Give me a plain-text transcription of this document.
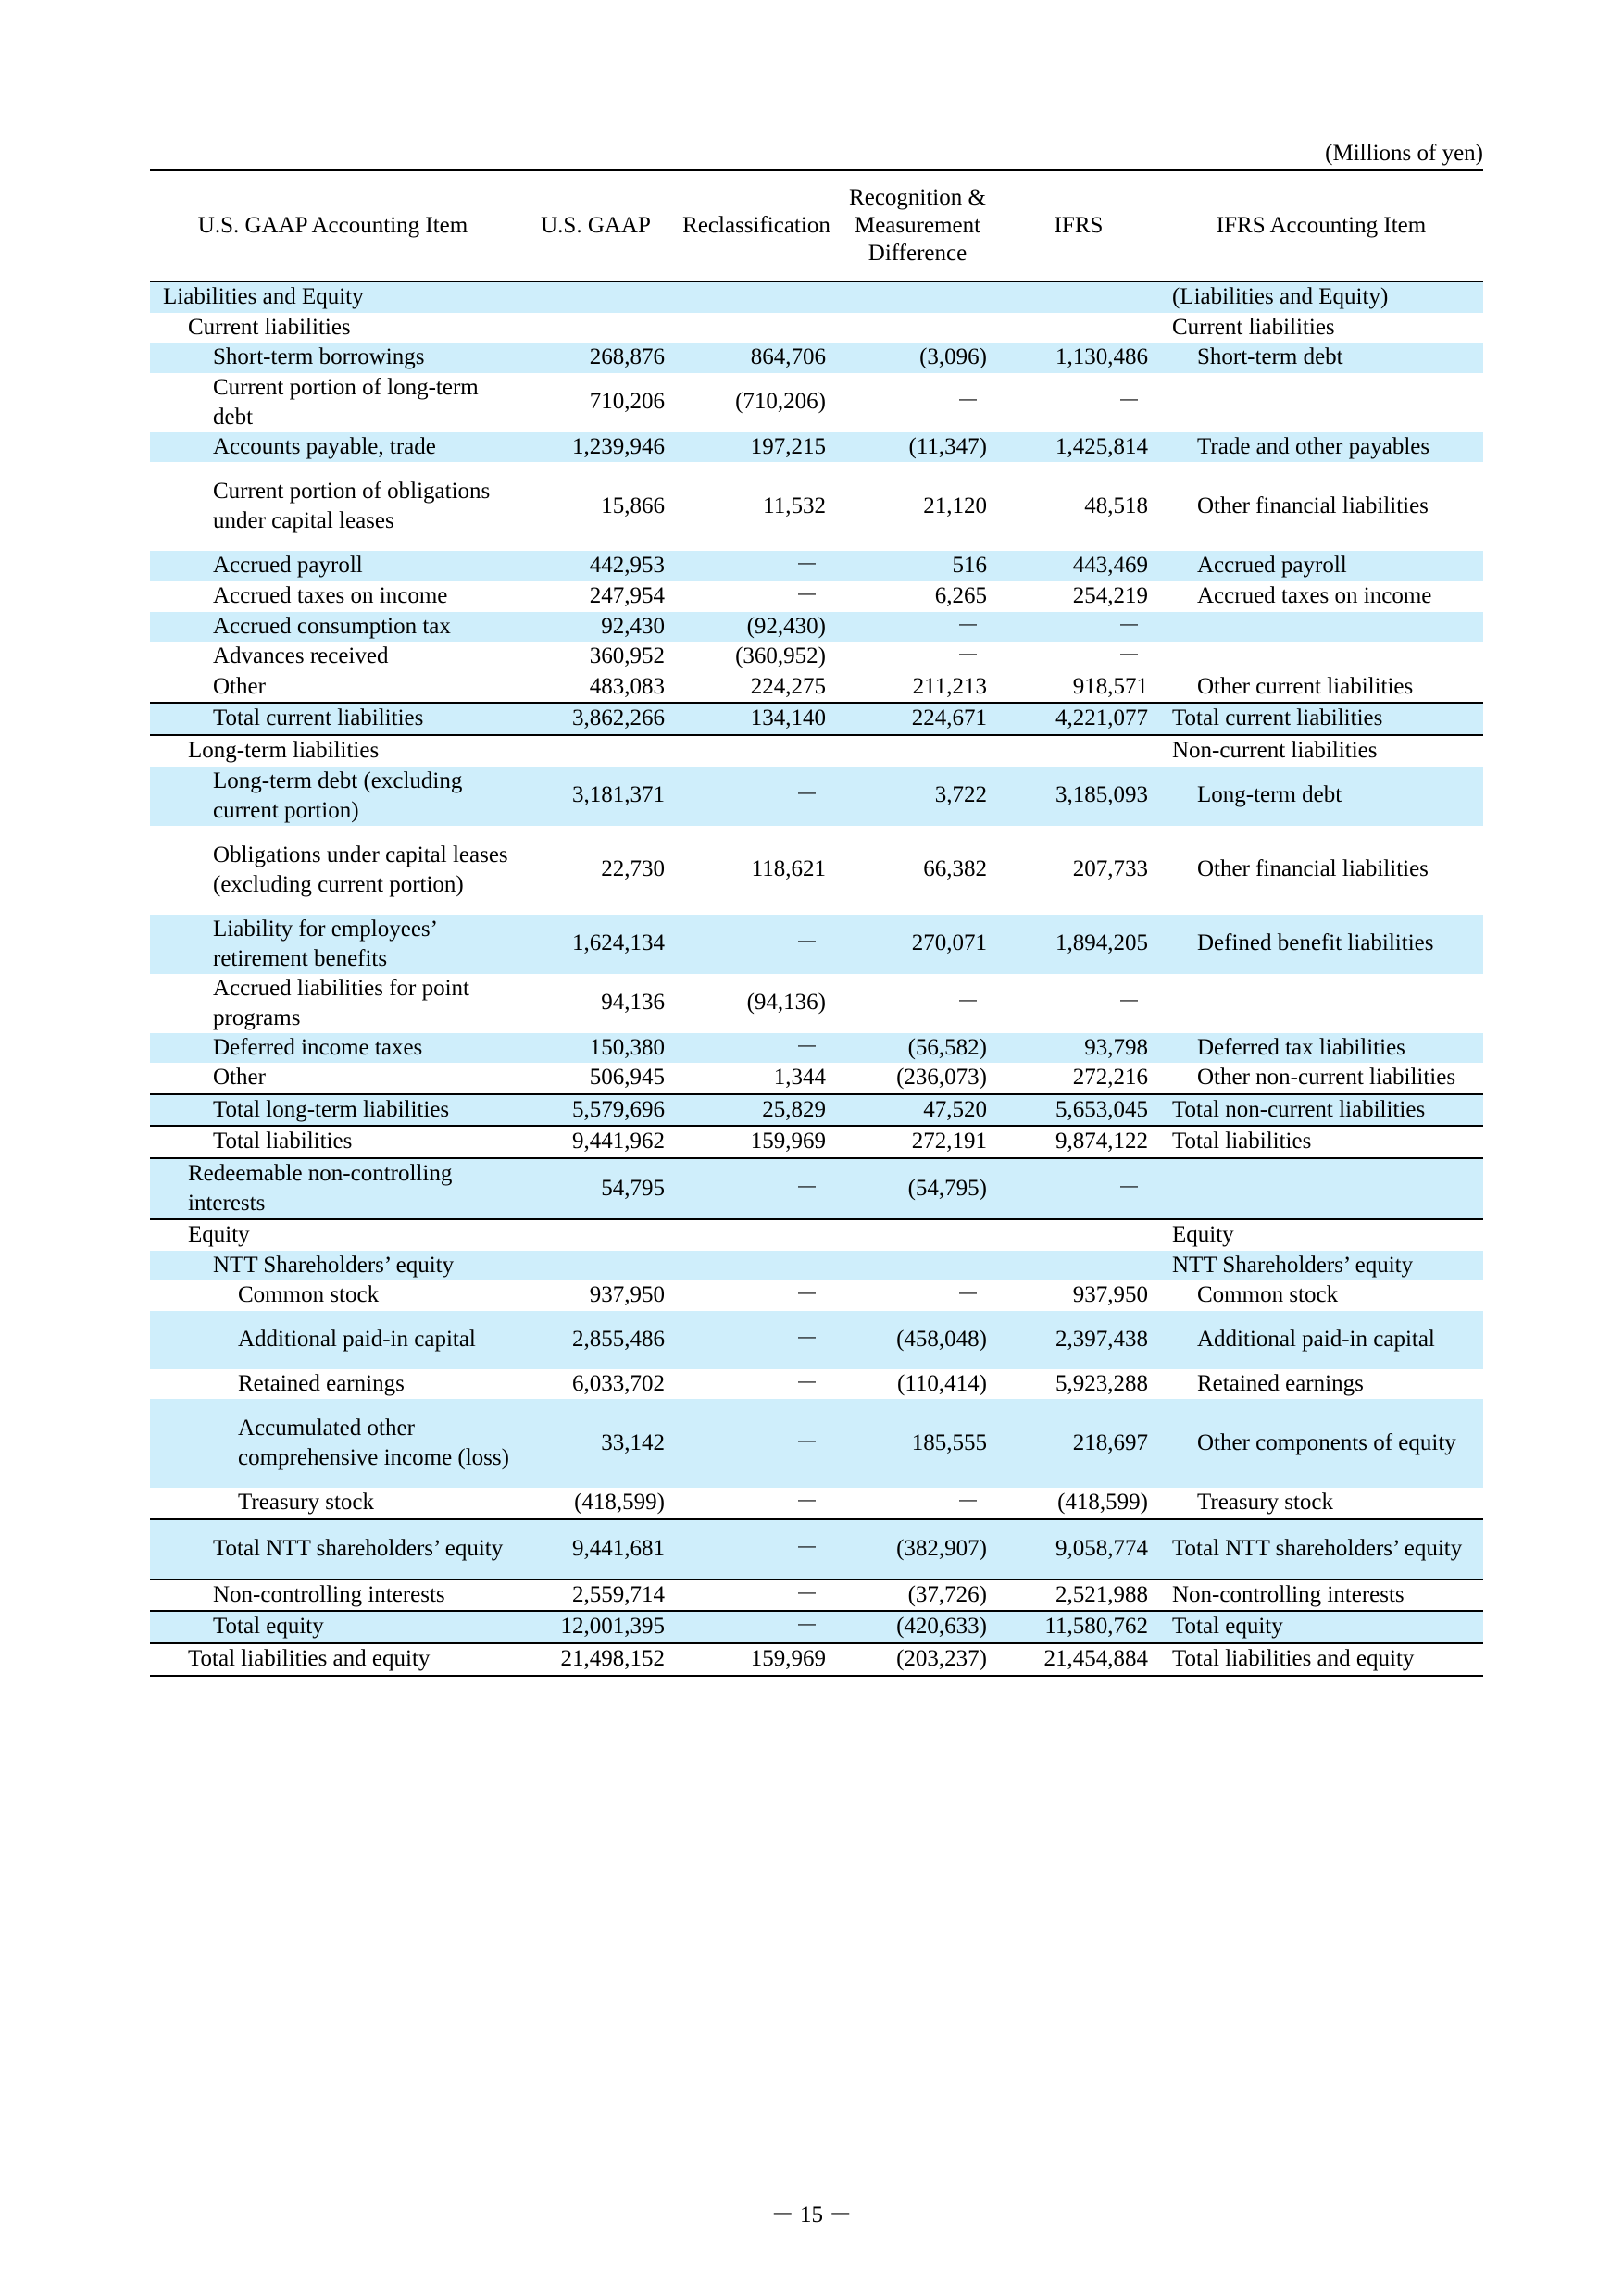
(Millions of yen)
U.S. GAAP Accounting Item	U.S. GAAP	Reclassification	Recognition & Measurement Difference	IFRS	IFRS Accounting Item
Liabilities and Equity					(Liabilities and Equity)
Current liabilities					Current liabilities
Short-term borrowings	268,876	864,706	(3,096)	1,130,486	Short-term debt
Current portion of long-term debt	710,206	(710,206)	－	－	
Accounts payable, trade	1,239,946	197,215	(11,347)	1,425,814	Trade and other payables
Current portion of obligations under capital leases	15,866	11,532	21,120	48,518	Other financial liabilities
Accrued payroll	442,953	－	516	443,469	Accrued payroll
Accrued taxes on income	247,954	－	6,265	254,219	Accrued taxes on income
Accrued consumption tax	92,430	(92,430)	－	－	
Advances received	360,952	(360,952)	－	－	
Other	483,083	224,275	211,213	918,571	Other current liabilities
Total current liabilities	3,862,266	134,140	224,671	4,221,077	Total current liabilities
Long-term liabilities					Non-current liabilities
Long-term debt (excluding current portion)	3,181,371	－	3,722	3,185,093	Long-term debt
Obligations under capital leases (excluding current portion)	22,730	118,621	66,382	207,733	Other financial liabilities
Liability for employees’ retirement benefits	1,624,134	－	270,071	1,894,205	Defined benefit liabilities
Accrued liabilities for point programs	94,136	(94,136)	－	－	
Deferred income taxes	150,380	－	(56,582)	93,798	Deferred tax liabilities
Other	506,945	1,344	(236,073)	272,216	Other non-current liabilities
Total long-term liabilities	5,579,696	25,829	47,520	5,653,045	Total non-current liabilities
Total liabilities	9,441,962	159,969	272,191	9,874,122	Total liabilities
Redeemable non-controlling interests	54,795	－	(54,795)	－	
Equity					Equity
NTT Shareholders’ equity					NTT Shareholders’ equity
Common stock	937,950	－	－	937,950	Common stock
Additional paid-in capital	2,855,486	－	(458,048)	2,397,438	Additional paid-in capital
Retained earnings	6,033,702	－	(110,414)	5,923,288	Retained earnings
Accumulated other comprehensive income (loss)	33,142	－	185,555	218,697	Other components of equity
Treasury stock	(418,599)	－	－	(418,599)	Treasury stock
Total NTT shareholders’ equity	9,441,681	－	(382,907)	9,058,774	Total NTT shareholders’ equity
Non-controlling interests	2,559,714	－	(37,726)	2,521,988	Non-controlling interests
Total equity	12,001,395	－	(420,633)	11,580,762	Total equity
Total liabilities and equity	21,498,152	159,969	(203,237)	21,454,884	Total liabilities and equity
－ 15 －
